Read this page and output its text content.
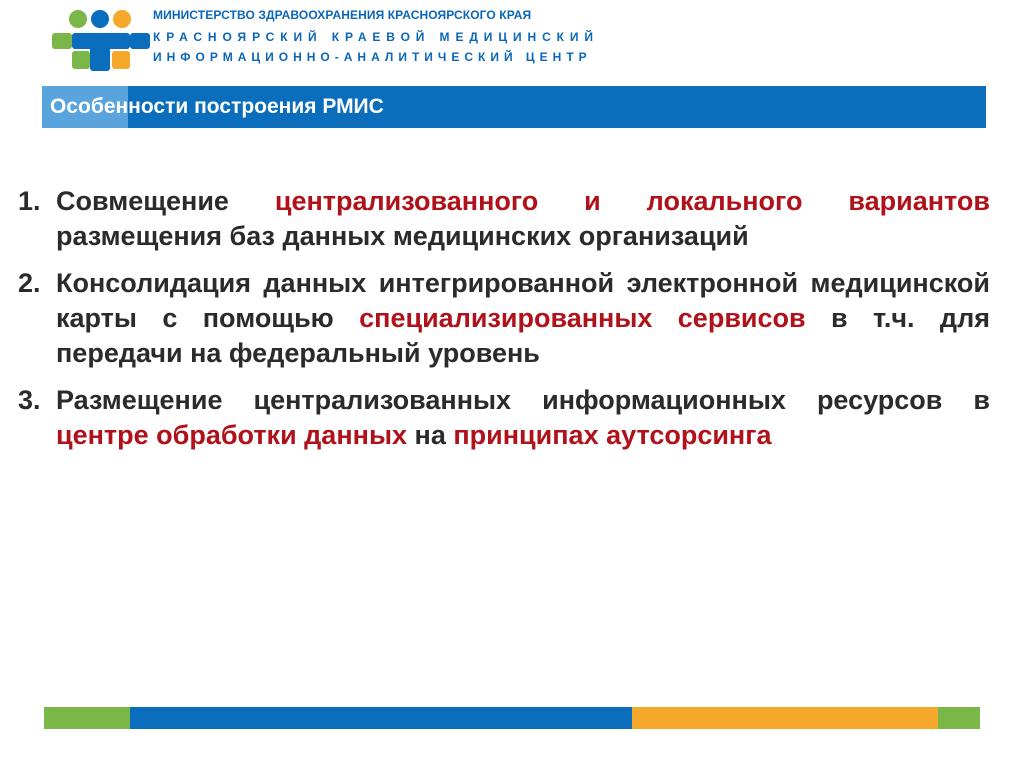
МИНИСТЕРСТВО ЗДРАВООХРАНЕНИЯ КРАСНОЯРСКОГО КРАЯ
КРАСНОЯРСКИЙ КРАЕВОЙ МЕДИЦИНСКИЙ
ИНФОРМАЦИОННО-АНАЛИТИЧЕСКИЙ ЦЕНТР
Особенности построения РМИС
1. Совмещение централизованного и локального вариантов размещения баз данных медицинских организаций
2. Консолидация данных интегрированной электронной медицинской карты с помощью специализированных сервисов в т.ч. для передачи на федеральный уровень
3. Размещение централизованных информационных ресурсов в центре обработки данных на принципах аутсорсинга
